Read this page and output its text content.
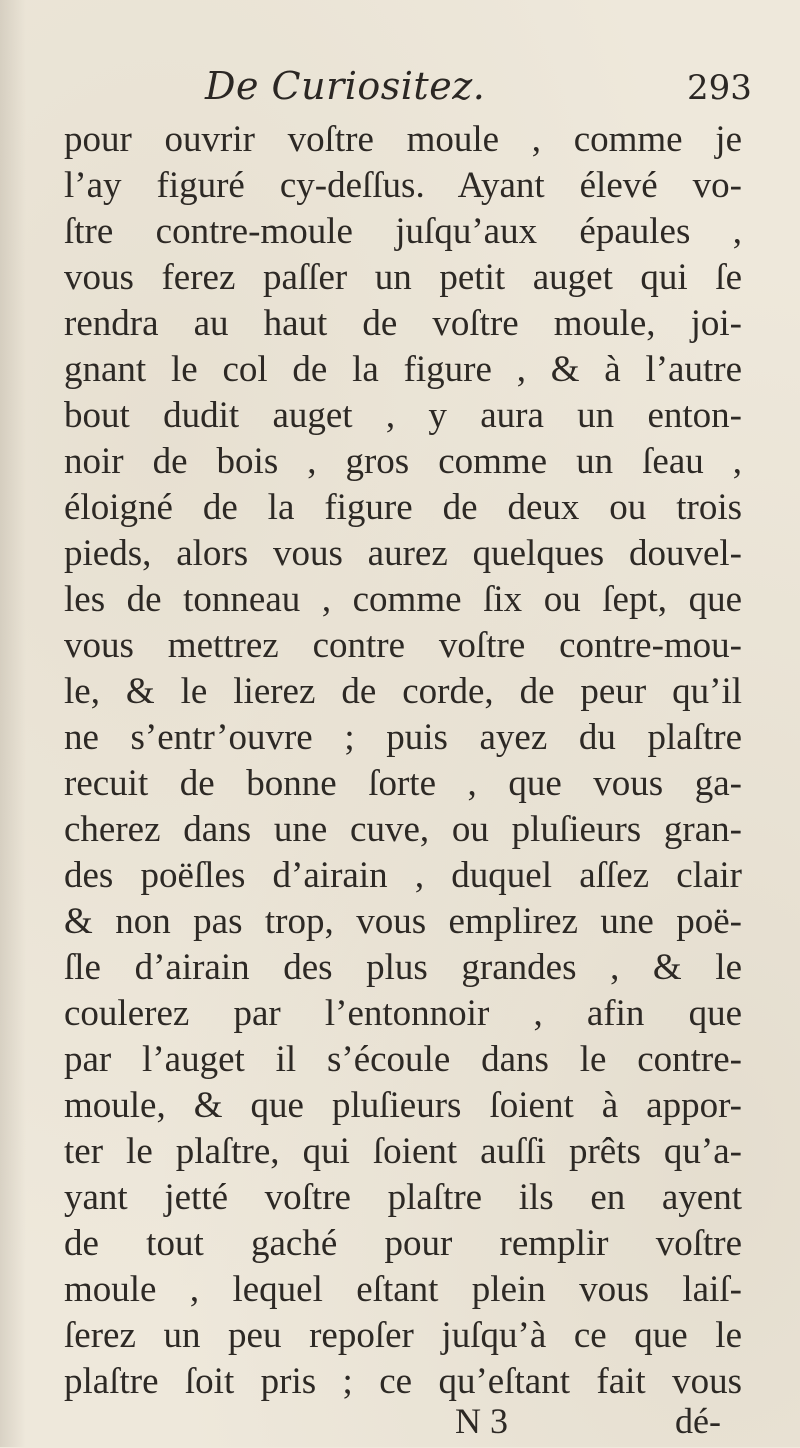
De Curiositez.	293
pour ouvrir voſtre moule , comme je
l’ay figuré cy-deſſus. Ayant élevé vo-
ſtre contre-moule juſqu’aux épaules ,
vous ferez paſſer un petit auget qui ſe
rendra au haut de voſtre moule, joi-
gnant le col de la figure , & à l’autre
bout dudit auget , y aura un enton-
noir de bois , gros comme un ſeau ,
éloigné de la figure de deux ou trois
pieds, alors vous aurez quelques douvel-
les de tonneau , comme ſix ou ſept, que
vous mettrez contre voſtre contre-mou-
le, & le lierez de corde, de peur qu’il
ne s’entr’ouvre ; puis ayez du plaſtre
recuit de bonne ſorte , que vous ga-
cherez dans une cuve, ou pluſieurs gran-
des poëſles d’airain , duquel aſſez clair
& non pas trop, vous emplirez une poë-
ſle d’airain des plus grandes , & le
coulerez par l’entonnoir , afin que
par l’auget il s’écoule dans le contre-
moule, & que pluſieurs ſoient à appor-
ter le plaſtre, qui ſoient auſſi prêts qu’a-
yant jetté voſtre plaſtre ils en ayent
de tout gaché pour remplir voſtre
moule , lequel eſtant plein vous laiſ-
ſerez un peu repoſer juſqu’à ce que le
plaſtre ſoit pris ; ce qu’eſtant fait vous
N 3	dé-
